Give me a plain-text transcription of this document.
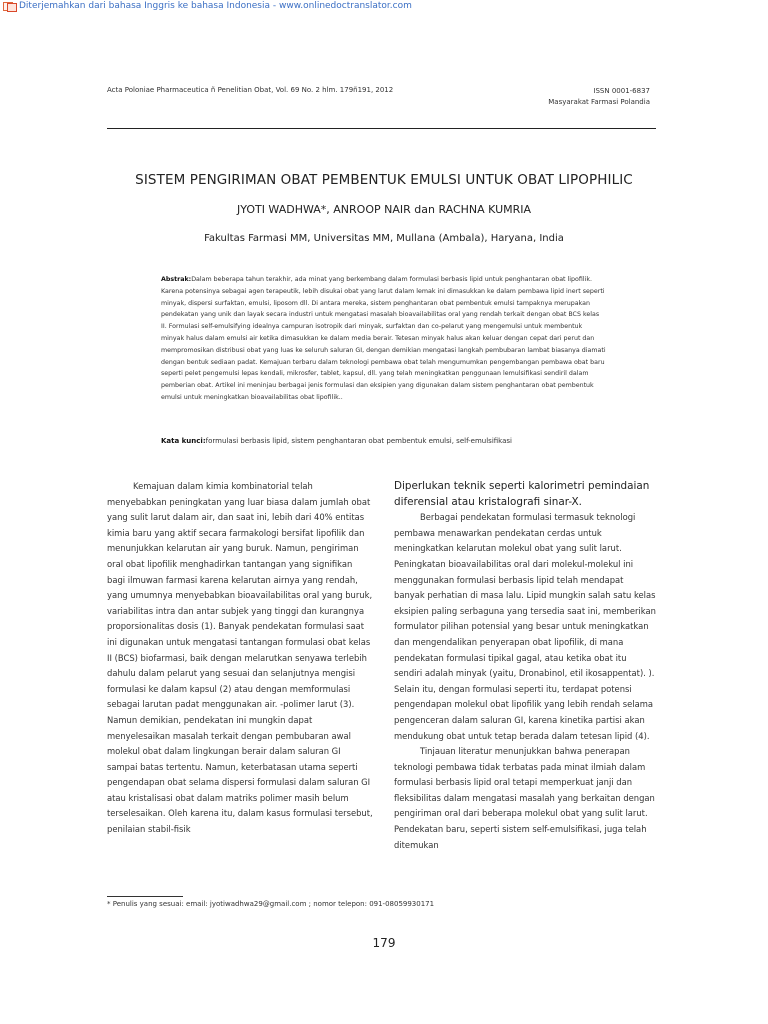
Diterjemahkan dari bahasa Inggris ke bahasa Indonesia - www.onlinedoctranslator.com
Acta Poloniae Pharmaceutica ñ Penelitian Obat, Vol. 69 No. 2 hlm. 179ñ191, 2012	ISSN 0001-6837
Masyarakat Farmasi Polandia
SISTEM PENGIRIMAN OBAT PEMBENTUK EMULSI UNTUK OBAT LIPOPHILIC
JYOTI WADHWA*, ANROOP NAIR dan RACHNA KUMRIA
Fakultas Farmasi MM, Universitas MM, Mullana (Ambala), Haryana, India

Abstrak:Dalam beberapa tahun terakhir, ada minat yang berkembang dalam formulasi berbasis lipid untuk penghantaran obat lipofilik. Karena potensinya sebagai agen terapeutik, lebih disukai obat yang larut dalam lemak ini dimasukkan ke dalam pembawa lipid inert seperti minyak, dispersi surfaktan, emulsi, liposom dll. Di antara mereka, sistem penghantaran obat pembentuk emulsi tampaknya merupakan pendekatan yang unik dan layak secara industri untuk mengatasi masalah bioavailabilitas oral yang rendah terkait dengan obat BCS kelas II. Formulasi self-emulsifying idealnya campuran isotropik dari minyak, surfaktan dan co-pelarut yang mengemulsi untuk membentuk minyak halus dalam emulsi air ketika dimasukkan ke dalam media berair. Tetesan minyak halus akan keluar dengan cepat dari perut dan mempromosikan distribusi obat yang luas ke seluruh saluran GI, dengan demikian mengatasi langkah pembubaran lambat biasanya diamati dengan bentuk sediaan padat. Kemajuan terbaru dalam teknologi pembawa obat telah mengumumkan pengembangan pembawa obat baru seperti pelet pengemulsi lepas kendali, mikrosfer, tablet, kapsul, dll. yang telah meningkatkan penggunaan lemulsifikasi sendiril dalam pemberian obat. Artikel ini meninjau berbagai jenis formulasi dan eksipien yang digunakan dalam sistem penghantaran obat pembentuk emulsi untuk meningkatkan bioavailabilitas obat lipofilik..

Kata kunci:formulasi berbasis lipid, sistem penghantaran obat pembentuk emulsi, self-emulsifikasi

Kemajuan dalam kimia kombinatorial telah menyebabkan peningkatan yang luar biasa dalam jumlah obat yang sulit larut dalam air, dan saat ini, lebih dari 40% entitas kimia baru yang aktif secara farmakologi bersifat lipofilik dan menunjukkan kelarutan air yang buruk. Namun, pengiriman oral obat lipofilik menghadirkan tantangan yang signifikan bagi ilmuwan farmasi karena kelarutan airnya yang rendah, yang umumnya menyebabkan bioavailabilitas oral yang buruk, variabilitas intra dan antar subjek yang tinggi dan kurangnya proporsionalitas dosis (1). Banyak pendekatan formulasi saat ini digunakan untuk mengatasi tantangan formulasi obat kelas II (BCS) biofarmasi, baik dengan melarutkan senyawa terlebih dahulu dalam pelarut yang sesuai dan selanjutnya mengisi formulasi ke dalam kapsul (2) atau dengan memformulasi sebagai larutan padat menggunakan air. -polimer larut (3). Namun demikian, pendekatan ini mungkin dapat menyelesaikan masalah terkait dengan pembubaran awal molekul obat dalam lingkungan berair dalam saluran GI sampai batas tertentu. Namun, keterbatasan utama seperti pengendapan obat selama dispersi formulasi dalam saluran GI atau kristalisasi obat dalam matriks polimer masih belum terselesaikan. Oleh karena itu, dalam kasus formulasi tersebut, penilaian stabil-fisik

Diperlukan teknik seperti kalorimetri pemindaian diferensial atau kristalografi sinar-X.

Berbagai pendekatan formulasi termasuk teknologi pembawa menawarkan pendekatan cerdas untuk meningkatkan kelarutan molekul obat yang sulit larut. Peningkatan bioavailabilitas oral dari molekul-molekul ini menggunakan formulasi berbasis lipid telah mendapat banyak perhatian di masa lalu. Lipid mungkin salah satu kelas eksipien paling serbaguna yang tersedia saat ini, memberikan formulator pilihan potensial yang besar untuk meningkatkan dan mengendalikan penyerapan obat lipofilik, di mana pendekatan formulasi tipikal gagal, atau ketika obat itu sendiri adalah minyak (yaitu, Dronabinol, etil ikosappentat). ). Selain itu, dengan formulasi seperti itu, terdapat potensi pengendapan molekul obat lipofilik yang lebih rendah selama pengenceran dalam saluran GI, karena kinetika partisi akan mendukung obat untuk tetap berada dalam tetesan lipid (4).

Tinjauan literatur menunjukkan bahwa penerapan teknologi pembawa tidak terbatas pada minat ilmiah dalam formulasi berbasis lipid oral tetapi memperkuat janji dan fleksibilitas dalam mengatasi masalah yang berkaitan dengan pengiriman oral dari beberapa molekul obat yang sulit larut. Pendekatan baru, seperti sistem self-emulsifikasi, juga telah ditemukan

* Penulis yang sesuai: email: jyotiwadhwa29@gmail.com ; nomor telepon: 091-08059930171
179
